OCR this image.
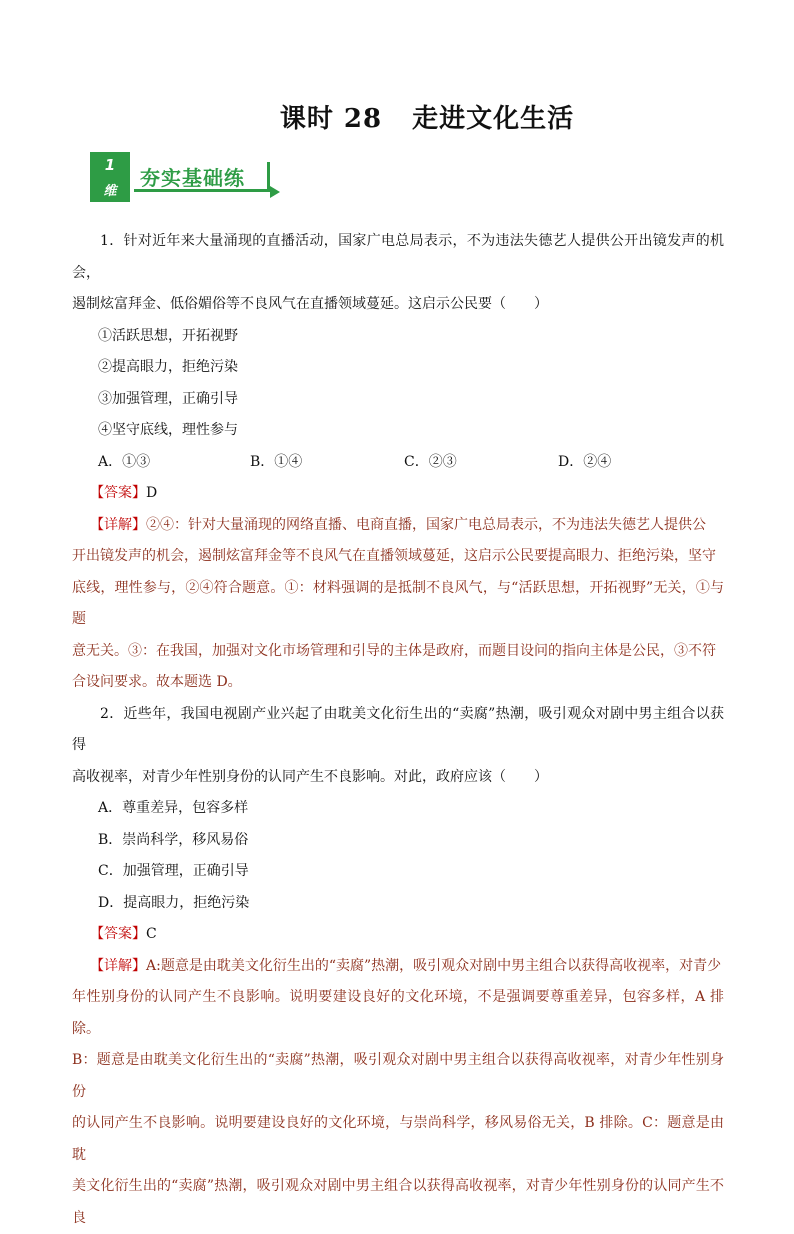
课时 28 走进文化生活
1
维
夯实基础练

1．针对近年来大量涌现的直播活动，国家广电总局表示，不为违法失德艺人提供公开出镜发声的机会，

遏制炫富拜金、低俗媚俗等不良风气在直播领域蔓延。这启示公民要（　　）

①活跃思想，开拓视野

②提高眼力，拒绝污染

③加强管理，正确引导

④坚守底线，理性参与

A．①③	B．①④	C．②③	D．②④

【答案】D

【详解】②④：针对大量涌现的网络直播、电商直播，国家广电总局表示，不为违法失德艺人提供公

开出镜发声的机会，遏制炫富拜金等不良风气在直播领域蔓延，这启示公民要提高眼力、拒绝污染，坚守

底线，理性参与，②④符合题意。①：材料强调的是抵制不良风气，与“活跃思想，开拓视野”无关，①与题

意无关。③：在我国，加强对文化市场管理和引导的主体是政府，而题目设问的指向主体是公民，③不符

合设问要求。故本题选 D。

2．近些年，我国电视剧产业兴起了由耽美文化衍生出的“卖腐”热潮，吸引观众对剧中男主组合以获得

高收视率，对青少年性别身份的认同产生不良影响。对此，政府应该（　　）

A．尊重差异，包容多样

B．崇尚科学，移风易俗

C．加强管理，正确引导

D．提高眼力，拒绝污染

【答案】C

【详解】A:题意是由耽美文化衍生出的“卖腐”热潮，吸引观众对剧中男主组合以获得高收视率，对青少

年性别身份的认同产生不良影响。说明要建设良好的文化环境，不是强调要尊重差异，包容多样，A 排除。

B：题意是由耽美文化衍生出的“卖腐”热潮，吸引观众对剧中男主组合以获得高收视率，对青少年性别身份

的认同产生不良影响。说明要建设良好的文化环境，与崇尚科学，移风易俗无关，B 排除。C：题意是由耽

美文化衍生出的“卖腐”热潮，吸引观众对剧中男主组合以获得高收视率，对青少年性别身份的认同产生不良
